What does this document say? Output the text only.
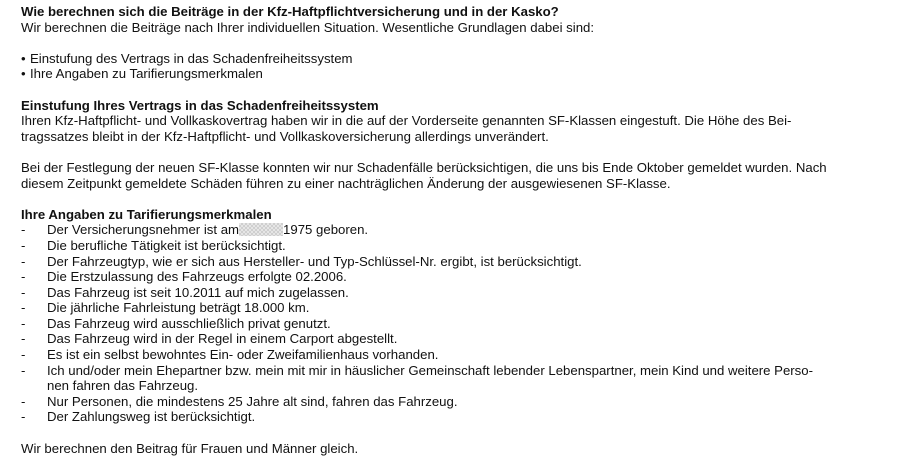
Wie berechnen sich die Beiträge in der Kfz-Haftpflichtversicherung und in der Kasko?

Wir berechnen die Beiträge nach Ihrer individuellen Situation. Wesentliche Grundlagen dabei sind:

• Einstufung des Vertrags in das Schadenfreiheitssystem
• Ihre Angaben zu Tarifierungsmerkmalen
Einstufung Ihres Vertrags in das Schadenfreiheitssystem

Ihren Kfz-Haftpflicht- und Vollkaskovertrag haben wir in die auf der Vorderseite genannten SF-Klassen eingestuft. Die Höhe des Bei-
tragssatzes bleibt in der Kfz-Haftpflicht- und Vollkaskoversicherung allerdings unverändert.

Bei der Festlegung der neuen SF-Klasse konnten wir nur Schadenfälle berücksichtigen, die uns bis Ende Oktober gemeldet wurden. Nach
diesem Zeitpunkt gemeldete Schäden führen zu einer nachträglichen Änderung der ausgewiesenen SF-Klasse.

Ihre Angaben zu Tarifierungsmerkmalen
- Der Versicherungsnehmer ist am	1975 geboren.
- Die berufliche Tätigkeit ist berücksichtigt.
- Der Fahrzeugtyp, wie er sich aus Hersteller- und Typ-Schlüssel-Nr. ergibt, ist berücksichtigt.
- Die Erstzulassung des Fahrzeugs erfolgte 02.2006.
- Das Fahrzeug ist seit 10.2011 auf mich zugelassen.
- Die jährliche Fahrleistung beträgt 18.000 km.
- Das Fahrzeug wird ausschließlich privat genutzt.
- Das Fahrzeug wird in der Regel in einem Carport abgestellt.
- Es ist ein selbst bewohntes Ein- oder Zweifamilienhaus vorhanden.
- Ich und/oder mein Ehepartner bzw. mein mit mir in häuslicher Gemeinschaft lebender Lebenspartner, mein Kind und weitere Perso-
nen fahren das Fahrzeug.
- Nur Personen, die mindestens 25 Jahre alt sind, fahren das Fahrzeug.
- Der Zahlungsweg ist berücksichtigt.

Wir berechnen den Beitrag für Frauen und Männer gleich.
